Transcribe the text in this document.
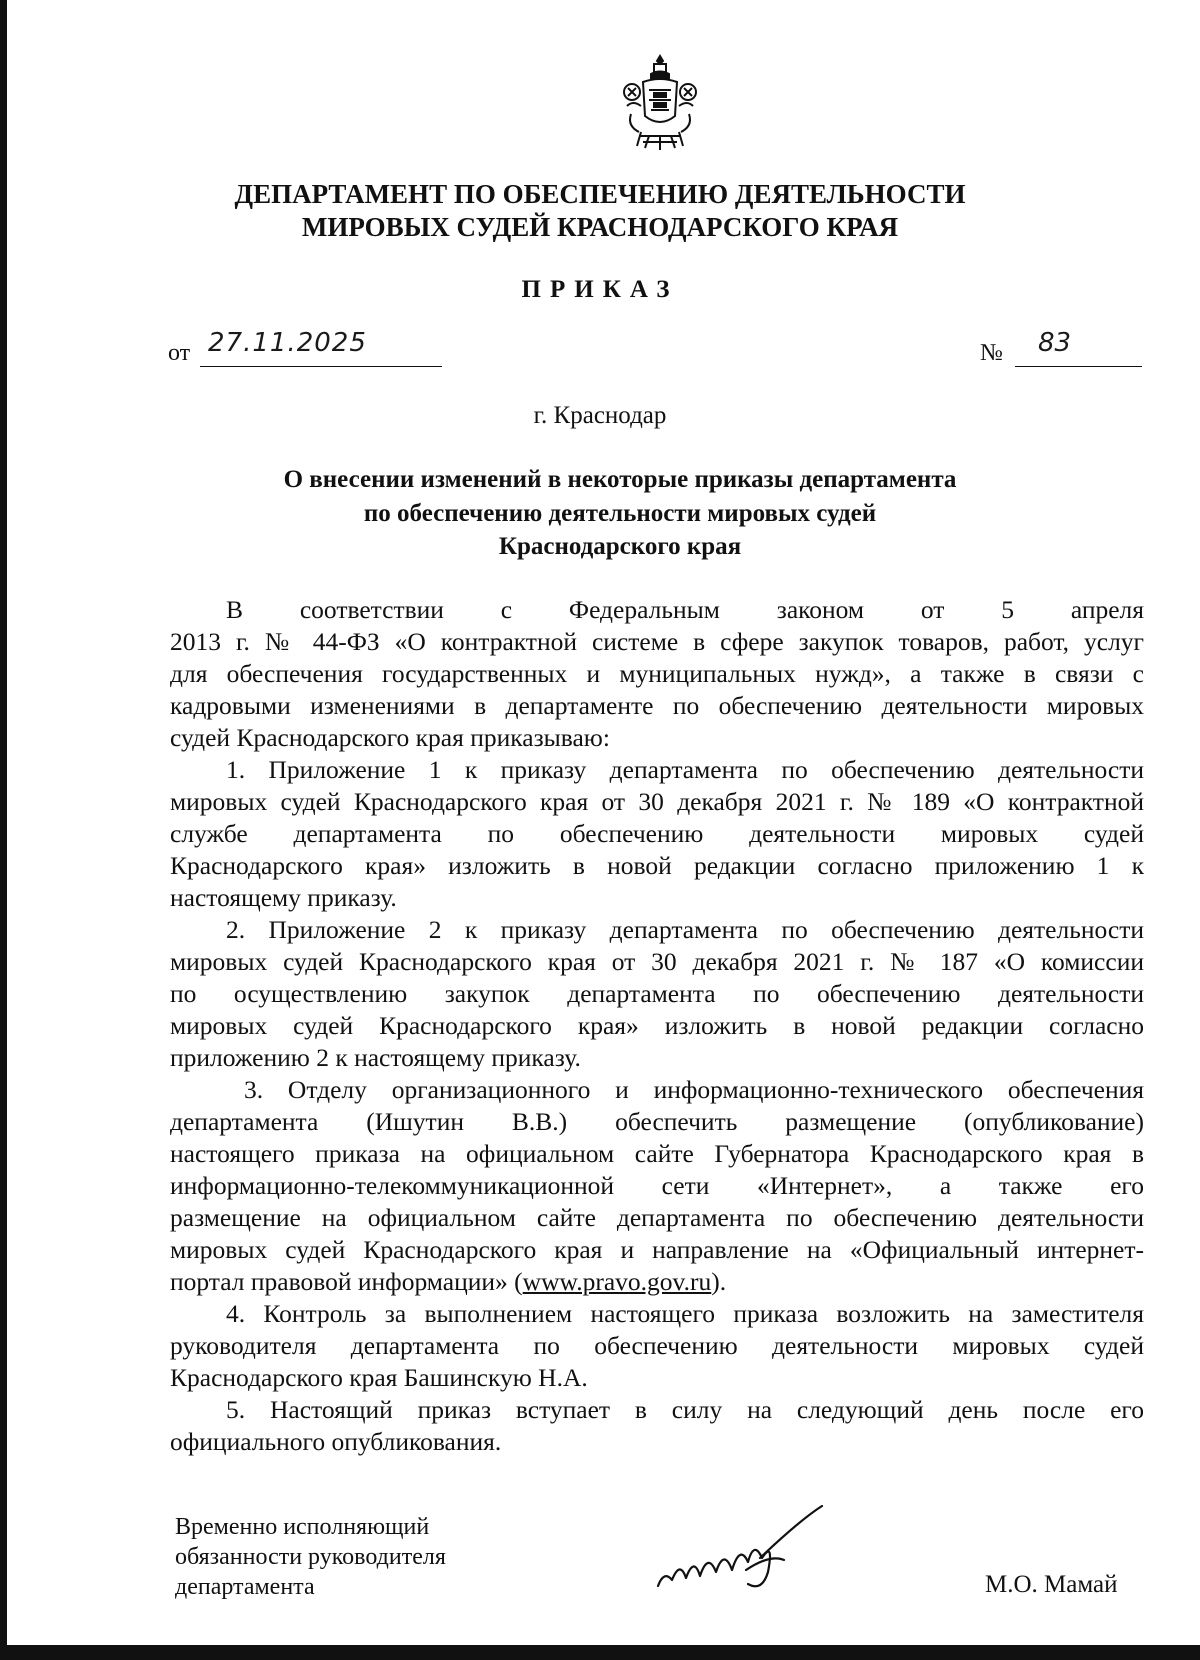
ДЕПАРТАМЕНТ ПО ОБЕСПЕЧЕНИЮ ДЕЯТЕЛЬНОСТИ
МИРОВЫХ СУДЕЙ КРАСНОДАРСКОГО КРАЯ
ПРИКАЗ
от 27.11.2025	№ 83
г. Краснодар
О внесении изменений в некоторые приказы департамента
по обеспечению деятельности мировых судей
Краснодарского края
В соответствии с Федеральным законом от 5 апреля
2013 г. № 44-ФЗ «О контрактной системе в сфере закупок товаров, работ, услуг
для обеспечения государственных и муниципальных нужд», а также в связи с
кадровыми изменениями в департаменте по обеспечению деятельности мировых
судей Краснодарского края приказываю:
1. Приложение 1 к приказу департамента по обеспечению деятельности
мировых судей Краснодарского края от 30 декабря 2021 г. № 189 «О контрактной
службе департамента по обеспечению деятельности мировых судей
Краснодарского края» изложить в новой редакции согласно приложению 1 к
настоящему приказу.
2. Приложение 2 к приказу департамента по обеспечению деятельности
мировых судей Краснодарского края от 30 декабря 2021 г. № 187 «О комиссии
по осуществлению закупок департамента по обеспечению деятельности
мировых судей Краснодарского края» изложить в новой редакции согласно
приложению 2 к настоящему приказу.
3. Отделу организационного и информационно-технического обеспечения
департамента (Ишутин В.В.) обеспечить размещение (опубликование)
настоящего приказа на официальном сайте Губернатора Краснодарского края в
информационно-телекоммуникационной сети «Интернет», а также его
размещение на официальном сайте департамента по обеспечению деятельности
мировых судей Краснодарского края и направление на «Официальный интернет-
портал правовой информации» (www.pravo.gov.ru).
4. Контроль за выполнением настоящего приказа возложить на заместителя
руководителя департамента по обеспечению деятельности мировых судей
Краснодарского края Башинскую Н.А.
5. Настоящий приказ вступает в силу на следующий день после его
официального опубликования.
Временно исполняющий
обязанности руководителя
департамента	М.О. Мамай
